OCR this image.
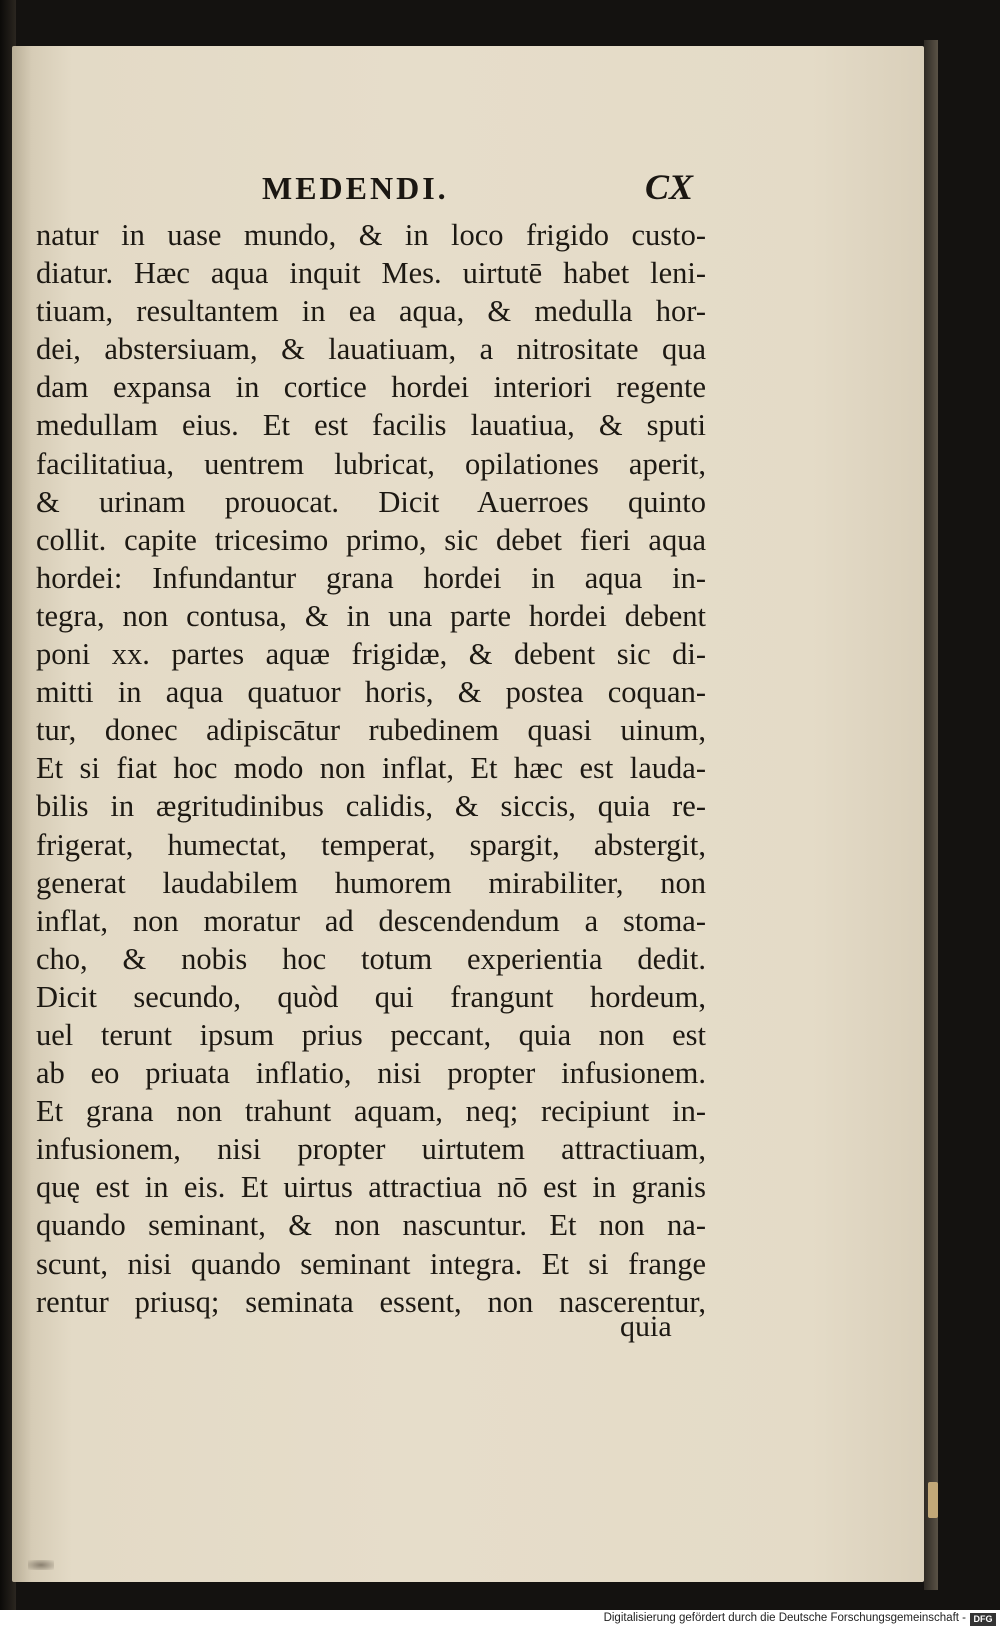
MEDENDI.	CX
natur in uase mundo, & in loco frigido custo-
diatur. Hæc aqua inquit Mes. uirtutē habet leni-
tiuam, resultantem in ea aqua, & medulla hor-
dei, abstersiuam, & lauatiuam, a nitrositate qua
dam expansa in cortice hordei interiori regente
medullam eius. Et est facilis lauatiua, & sputi
facilitatiua, uentrem lubricat, opilationes aperit,
& urinam prouocat. Dicit Auerroes quinto
collit. capite tricesimo primo, sic debet fieri aqua
hordei: Infundantur grana hordei in aqua in-
tegra, non contusa, & in una parte hordei debent
poni xx. partes aquæ frigidæ, & debent sic di-
mitti in aqua quatuor horis, & postea coquan-
tur, donec adipiscātur rubedinem quasi uinum,
Et si fiat hoc modo non inflat, Et hæc est lauda-
bilis in ægritudinibus calidis, & siccis, quia re-
frigerat, humectat, temperat, spargit, abstergit,
generat laudabilem humorem mirabiliter, non
inflat, non moratur ad descendendum a stoma-
cho, & nobis hoc totum experientia dedit.
Dicit secundo, quòd qui frangunt hordeum,
uel terunt ipsum prius peccant, quia non est
ab eo priuata inflatio, nisi propter infusionem.
Et grana non trahunt aquam, neq; recipiunt in-
infusionem, nisi propter uirtutem attractiuam,
quę est in eis. Et uirtus attractiua nō est in granis
quando seminant, & non nascuntur. Et non na-
scunt, nisi quando seminant integra. Et si frange
rentur priusq; seminata essent, non nascerentur,
quia
Digitalisierung gefördert durch die Deutsche Forschungsgemeinschaft - DFG
